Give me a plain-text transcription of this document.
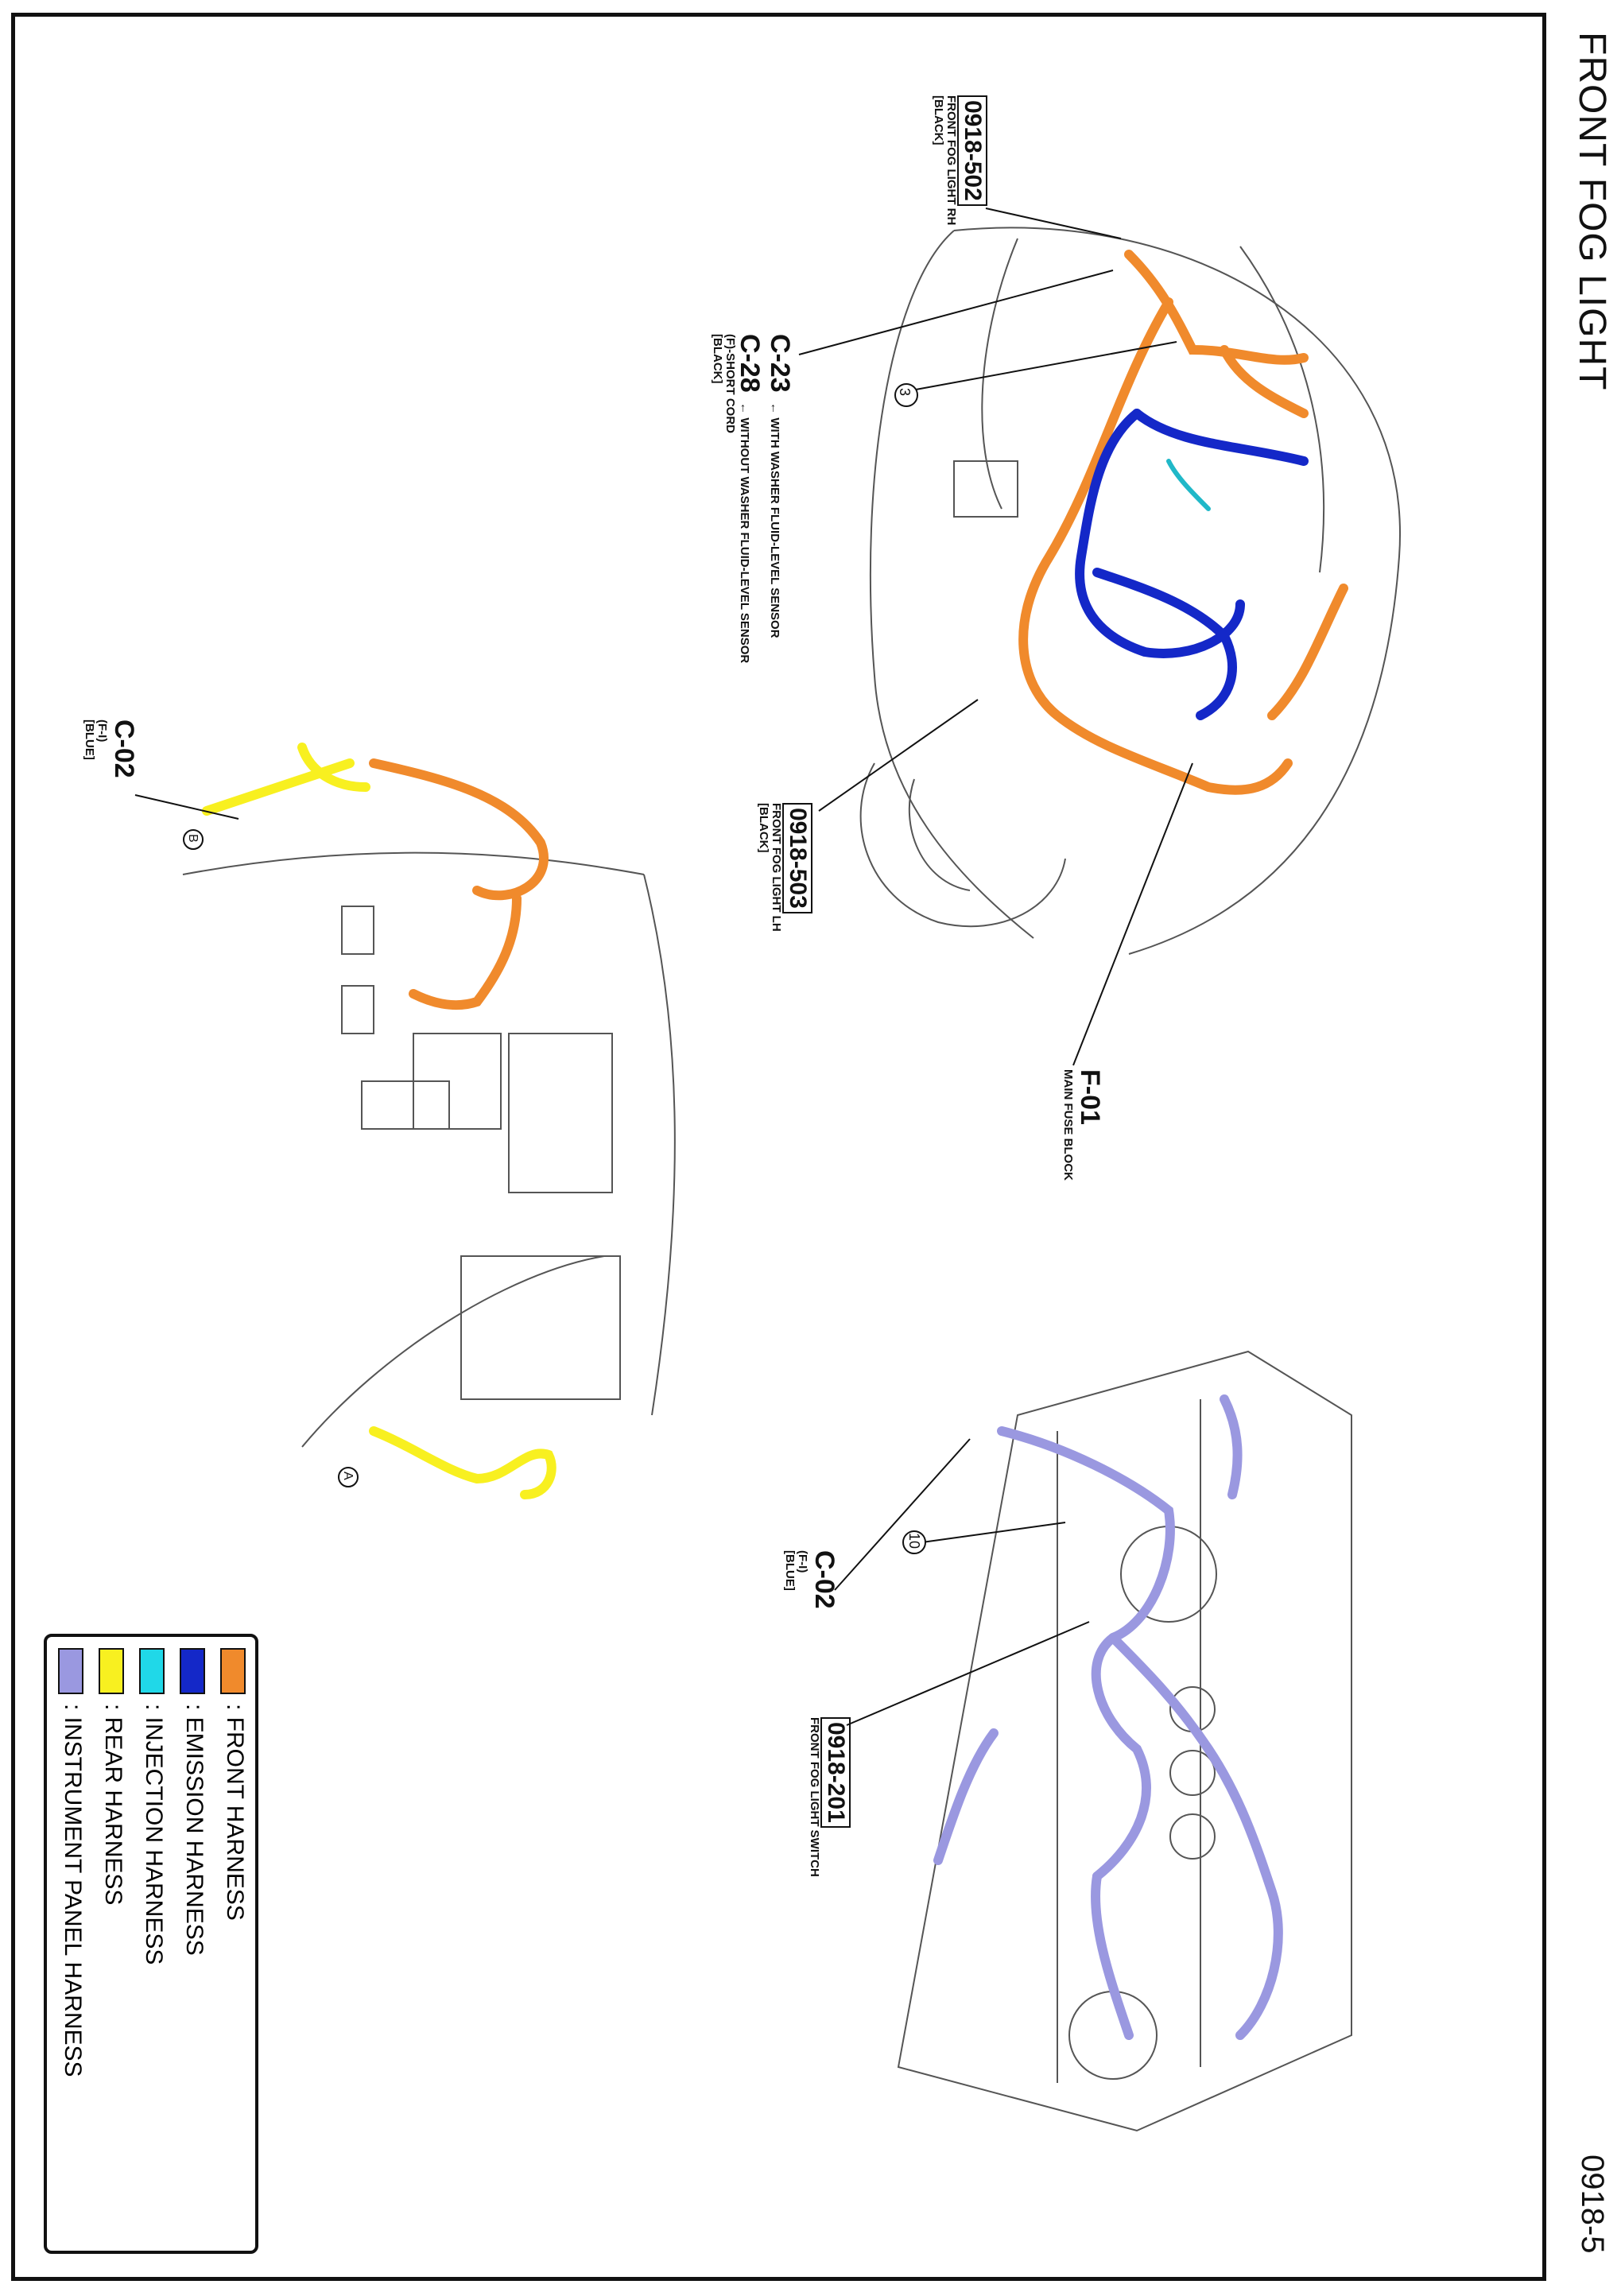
FRONT FOG LIGHT
0918-5
0918-502
FRONT FOG LIGHT RH
[BLACK]
C-23 ← WITH WASHER FLUID-LEVEL SENSOR
C-28 ← WITHOUT WASHER FLUID-LEVEL SENSOR
(F)-SHORT CORD
[BLACK]
3
0918-503
FRONT FOG LIGHT LH
[BLACK]
F-01
MAIN FUSE BLOCK
C-02
(F-I)
[BLUE]
B
A
C-02
(F-I)
[BLUE]
10
0918-201
FRONT FOG LIGHT SWITCH
: FRONT HARNESS
: EMISSION HARNESS
: INJECTION HARNESS
: REAR HARNESS
: INSTRUMENT PANEL HARNESS
